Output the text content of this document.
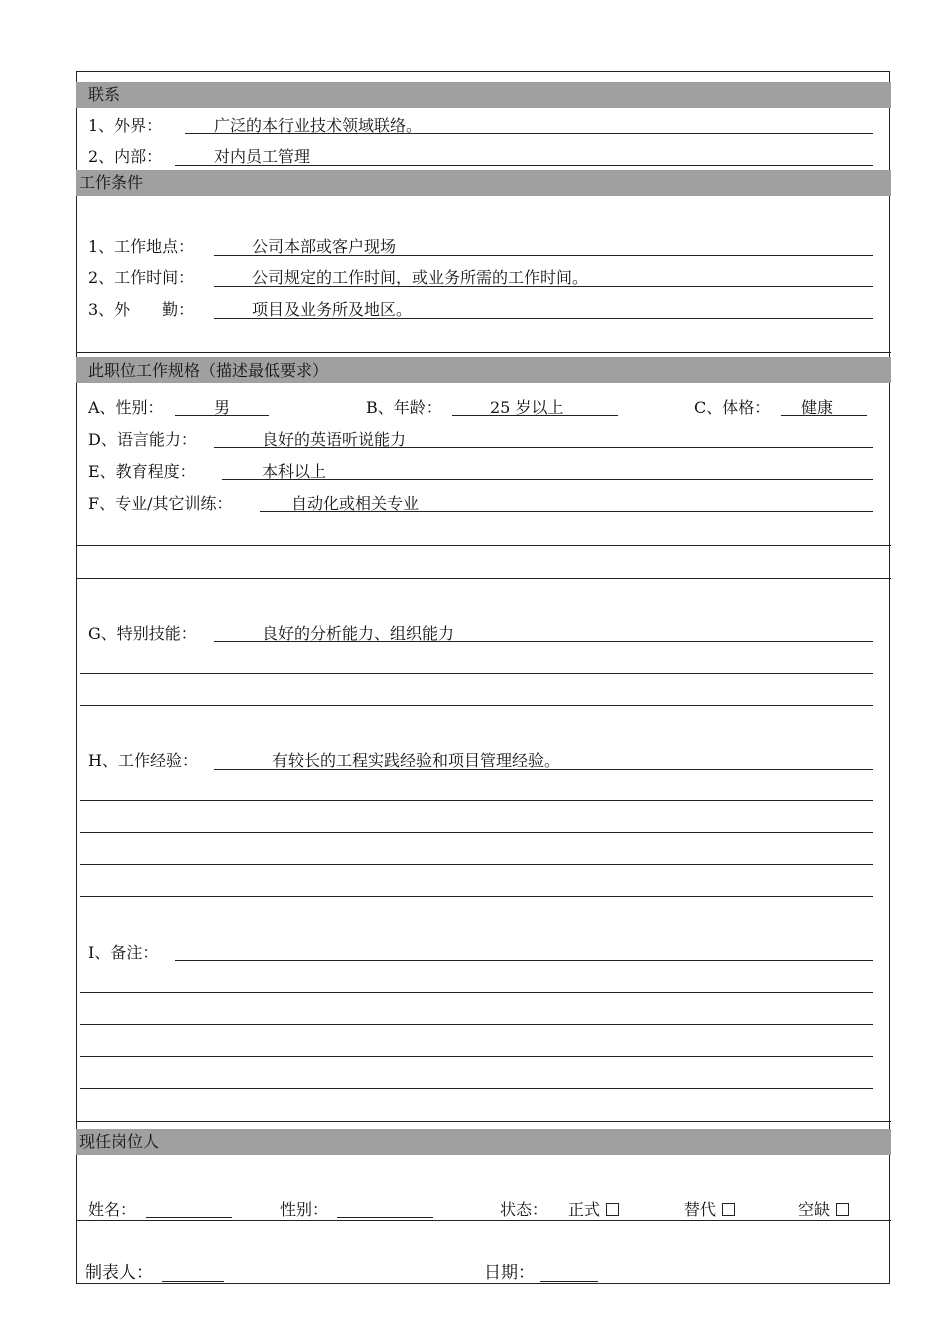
联系
1、外界：	广泛的本行业技术领域联络。
2、内部：	对内员工管理
工作条件
1、工作地点：	公司本部或客户现场
2、工作时间：	公司规定的工作时间，或业务所需的工作时间。
3、外　　勤：	项目及业务所及地区。
此职位工作规格（描述最低要求）
A、性别：	男	B、年龄：	25 岁以上	C、体格： 健康
D、语言能力：	良好的英语听说能力
E、教育程度：	本科以上
F、专业/其它训练：	自动化或相关专业
G、特别技能：	良好的分析能力、组织能力
H、工作经验：	有较长的工程实践经验和项目管理经验。
I、备注：
现任岗位人
姓名：	性别：	状态： 正式	替代	空缺
制表人：	日期：
